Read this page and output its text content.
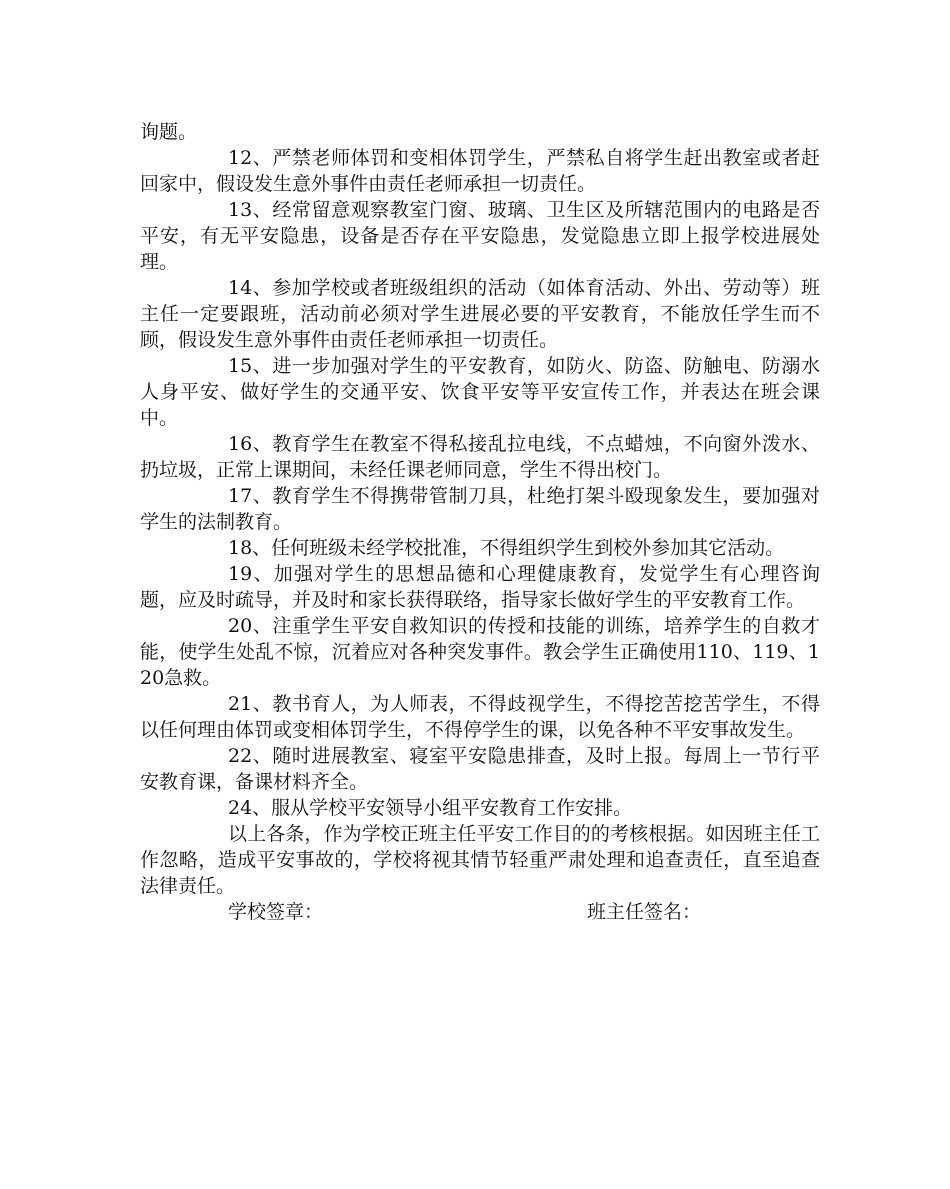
询题。

12、严禁老师体罚和变相体罚学生，严禁私自将学生赶出教室或者赶回家中，假设发生意外事件由责任老师承担一切责任。

13、经常留意观察教室门窗、玻璃、卫生区及所辖范围内的电路是否平安，有无平安隐患，设备是否存在平安隐患，发觉隐患立即上报学校进展处理。

14、参加学校或者班级组织的活动（如体育活动、外出、劳动等）班主任一定要跟班，活动前必须对学生进展必要的平安教育，不能放任学生而不顾，假设发生意外事件由责任老师承担一切责任。

15、进一步加强对学生的平安教育，如防火、防盗、防触电、防溺水人身平安、做好学生的交通平安、饮食平安等平安宣传工作，并表达在班会课中。

16、教育学生在教室不得私接乱拉电线，不点蜡烛，不向窗外泼水、扔垃圾，正常上课期间，未经任课老师同意，学生不得出校门。

17、教育学生不得携带管制刀具，杜绝打架斗殴现象发生，要加强对学生的法制教育。

18、任何班级未经学校批准，不得组织学生到校外参加其它活动。

19、加强对学生的思想品德和心理健康教育，发觉学生有心理咨询题，应及时疏导，并及时和家长获得联络，指导家长做好学生的平安教育工作。

20、注重学生平安自救知识的传授和技能的训练，培养学生的自救才能，使学生处乱不惊，沉着应对各种突发事件。教会学生正确使用110、119、120急救。

21、教书育人，为人师表，不得歧视学生，不得挖苦挖苦学生，不得以任何理由体罚或变相体罚学生，不得停学生的课，以免各种不平安事故发生。

22、随时进展教室、寝室平安隐患排查，及时上报。每周上一节行平安教育课，备课材料齐全。

24、服从学校平安领导小组平安教育工作安排。

以上各条，作为学校正班主任平安工作目的的考核根据。如因班主任工作忽略，造成平安事故的，学校将视其情节轻重严肃处理和追查责任，直至追查法律责任。

学校签章：	班主任签名：
